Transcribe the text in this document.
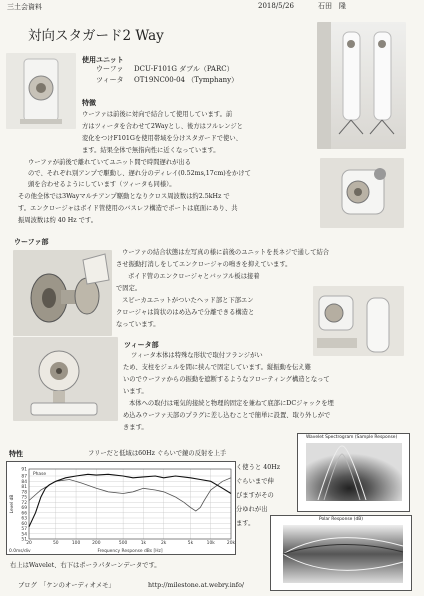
三土会資料	2018/5/26	石田　隆
対向スタガード2 Way
使用ユニット
ウーファ DCU-F101G ダブル（PARC）
ツィータ OT19NC00-04 （Tymphany）
特徴
ウーファは前後に対向で結合して使用しています。前
方はツィータを合わせて2Wayとし、後方はフルレンジと
変化をつけF101Gを使用帯域を分けスタガードで使い、
ます。結果全体で無指向性に近くなっています。
ウーファが前後で離れていてユニット間で時間遅れが出る
ので、それぞれ別アンプで駆動し、遅れ分のディレイ(0.52ms,17cm)をかけて
頭を合わせるようにしています（ツィータも同様）。
その他全体では3Wayマルチアンプ駆動となりクロス周波数は約2.5kHz で
す。エンクロージャはボイド管使用のバスレフ構造でポートは底面にあり、共
振周波数は約 40 Hz です。
ウーファ部
ウーファの結合状態は左写真の様に前後のユニットを長ネジで通して結合
させ振動打消しをしてエンクロージャの鳴きを抑えています。
ボイド管のエンクロージャとバッフル板は接着
で固定。
スピーカユニットがついたヘッド部と下部エン
クロージャは筒状のはめ込みで分離できる構造と
なっています。
ツィータ部
ツィータ本体は特殊な形状で取付フランジがい
ため、支柱をジェルを間に挟んで固定しています。縦振動を伝え難
いのでウーファからの振動を遮断するようなフローティング構造となって
います。
本体への取付は電気的接続と物理的固定を兼ねて底部にDCジャックを埋
め込みウーファ天部のプラグに差し込むことで簡単に設置、取り外しがで
きます。
特性	フリーだと低域は60Hz ぐらいで鏡の反射を上手
く使うと 40Hz
ぐらいまで伸
びますがその
分ゆれが出
ます。
91
87
84
81
78
75
72
69
66
63
60
57
54
51
20	50	100	200	500	1k	2k	5k	10k	20k
Frequency Response dBs [Hz]
Level dB
Phase
0.0ms/div
Wavelet Spectrogram (Sample Response)
Polar Response (dB)
右上はWavelet、右下はポーラパターンデータです。
ブログ　「ケンのオーディオメモ」	http://milestone.at.webry.info/
